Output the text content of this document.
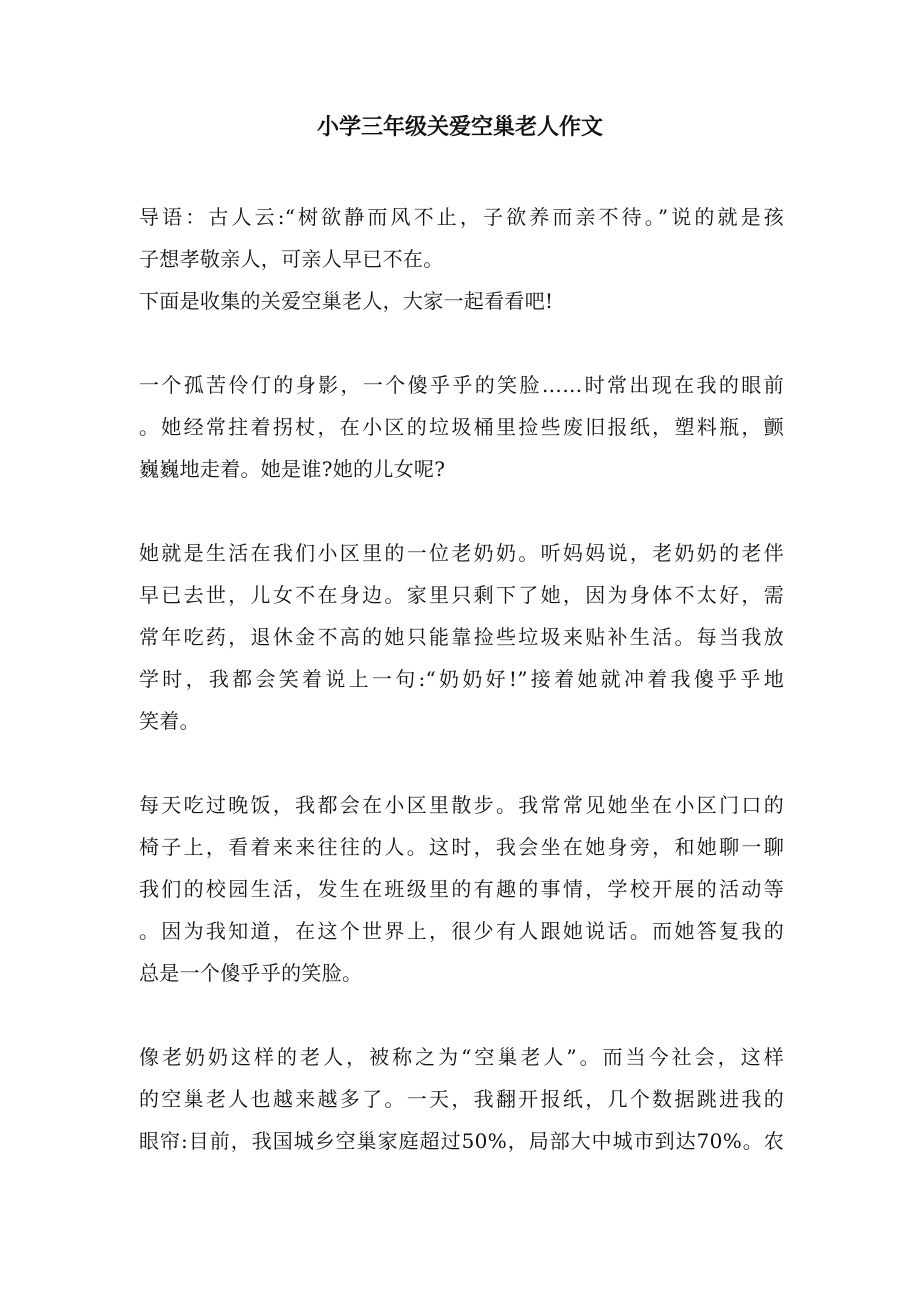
小学三年级关爱空巢老人作文
导语：古人云:“树欲静而风不止，子欲养而亲不待。”说的就是孩
子想孝敬亲人，可亲人早已不在。
下面是收集的关爱空巢老人，大家一起看看吧!
一个孤苦伶仃的身影，一个傻乎乎的笑脸……时常出现在我的眼前
。她经常拄着拐杖，在小区的垃圾桶里捡些废旧报纸，塑料瓶，颤
巍巍地走着。她是谁?她的儿女呢?
她就是生活在我们小区里的一位老奶奶。听妈妈说，老奶奶的老伴
早已去世，儿女不在身边。家里只剩下了她，因为身体不太好，需
常年吃药，退休金不高的她只能靠捡些垃圾来贴补生活。每当我放
学时，我都会笑着说上一句:“奶奶好!”接着她就冲着我傻乎乎地
笑着。
每天吃过晚饭，我都会在小区里散步。我常常见她坐在小区门口的
椅子上，看着来来往往的人。这时，我会坐在她身旁，和她聊一聊
我们的校园生活，发生在班级里的有趣的事情，学校开展的活动等
。因为我知道，在这个世界上，很少有人跟她说话。而她答复我的
总是一个傻乎乎的笑脸。
像老奶奶这样的老人，被称之为“空巢老人”。而当今社会，这样
的空巢老人也越来越多了。一天，我翻开报纸，几个数据跳进我的
眼帘:目前，我国城乡空巢家庭超过50%，局部大中城市到达70%。农
